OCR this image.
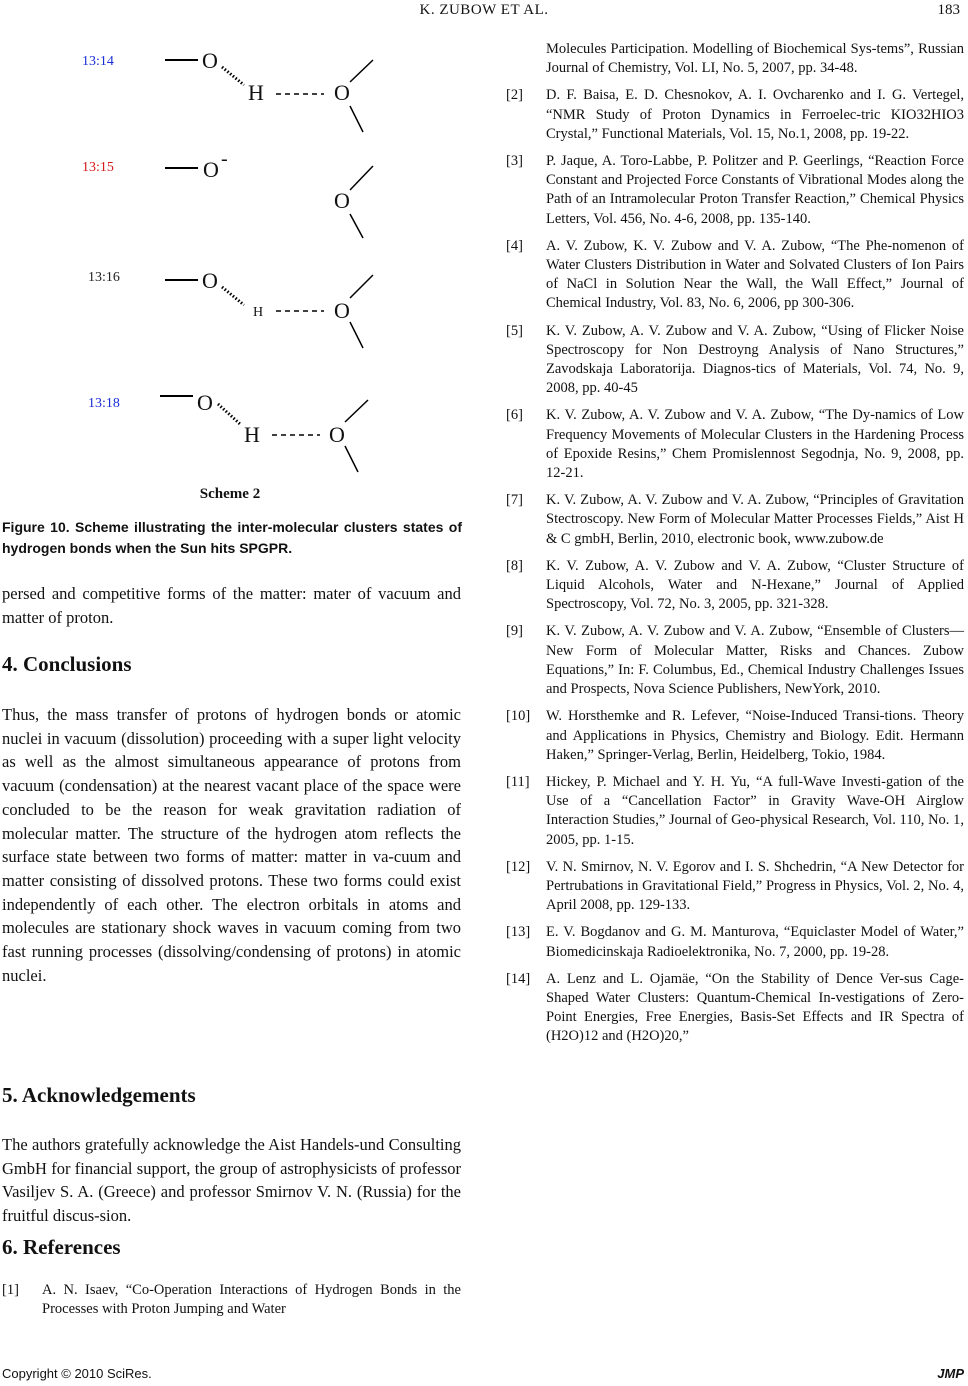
K. ZUBOW ET AL.	183
13:14	O
H	O
13:15	O -
O
13:16	O
H	O
13:18	O
H	O
Scheme 2
Figure 10. Scheme illustrating the inter-molecular clusters states of hydrogen bonds when the Sun hits SPGPR.
persed and competitive forms of the matter: mater of vacuum and matter of proton.
4. Conclusions
Thus, the mass transfer of protons of hydrogen bonds or atomic nuclei in vacuum (dissolution) proceeding with a super light velocity as well as the almost simultaneous appearance of protons from vacuum (condensation) at the nearest vacant place of the space were concluded to be the reason for weak gravitation radiation of molecular matter. The structure of the hydrogen atom reflects the surface state between two forms of matter: matter in va-cuum and matter consisting of dissolved protons. These two forms could exist independently of each other. The electron orbitals in atoms and molecules are stationary shock waves in vacuum coming from two fast running processes (dissolving/condensing of protons) in atomic nuclei.
5. Acknowledgements
The authors gratefully acknowledge the Aist Handels-und Consulting GmbH for financial support, the group of astrophysicists of professor Vasiljev S. A. (Greece) and professor Smirnov V. N. (Russia) for the fruitful discus-sion.
6. References
[1] A. N. Isaev, “Co-Operation Interactions of Hydrogen Bonds in the Processes with Proton Jumping and Water
Molecules Participation. Modelling of Biochemical Sys-tems”, Russian Journal of Chemistry, Vol. LI, No. 5, 2007, pp. 34-48.
[2] D. F. Baisa, E. D. Chesnokov, A. I. Ovcharenko and I. G. Vertegel, “NMR Study of Proton Dynamics in Ferroelec-tric KIO32HIO3 Crystal,” Functional Materials, Vol. 15, No.1, 2008, pp. 19-22.
[3] P. Jaque, A. Toro-Labbe, P. Politzer and P. Geerlings, “Reaction Force Constant and Projected Force Constants of Vibrational Modes along the Path of an Intramolecular Proton Transfer Reaction,” Chemical Physics Letters, Vol. 456, No. 4-6, 2008, pp. 135-140.
[4] A. V. Zubow, K. V. Zubow and V. A. Zubow, “The Phe-nomenon of Water Clusters Distribution in Water and Solvated Clusters of Ion Pairs of NaCl in Solution Near the Wall, the Wall Effect,” Journal of Chemical Industry, Vol. 83, No. 6, 2006, pp 300-306.
[5] K. V. Zubow, A. V. Zubow and V. A. Zubow, “Using of Flicker Noise Spectroscopy for Non Destroyng Analysis of Nano Structures,” Zavodskaja Laboratorija. Diagnos-tics of Materials, Vol. 74, No. 9, 2008, pp. 40-45
[6] K. V. Zubow, A. V. Zubow and V. A. Zubow, “The Dy-namics of Low Frequency Movements of Molecular Clusters in the Hardening Process of Epoxide Resins,” Chem Promislennost Segodnja, No. 9, 2008, pp. 12-21.
[7] K. V. Zubow, A. V. Zubow and V. A. Zubow, “Principles of Gravitation Stectroscopy. New Form of Molecular Matter Processes Fields,” Aist H & C gmbH, Berlin, 2010, electronic book, www.zubow.de
[8] K. V. Zubow, A. V. Zubow and V. A. Zubow, “Cluster Structure of Liquid Alcohols, Water and N-Hexane,” Journal of Applied Spectroscopy, Vol. 72, No. 3, 2005, pp. 321-328.
[9] K. V. Zubow, A. V. Zubow and V. A. Zubow, “Ensemble of Clusters—New Form of Molecular Matter, Risks and Chances. Zubow Equations,” In: F. Columbus, Ed., Chemical Industry Challenges Issues and Prospects, Nova Science Publishers, NewYork, 2010.
[10] W. Horsthemke and R. Lefever, “Noise-Induced Transi-tions. Theory and Applications in Physics, Chemistry and Biology. Edit. Hermann Haken,” Springer-Verlag, Berlin, Heidelberg, Tokio, 1984.
[11] Hickey, P. Michael and Y. H. Yu, “A full-Wave Investi-gation of the Use of a “Cancellation Factor” in Gravity Wave-OH Airglow Interaction Studies,” Journal of Geo-physical Research, Vol. 110, No. 1, 2005, pp. 1-15.
[12] V. N. Smirnov, N. V. Egorov and I. S. Shchedrin, “A New Detector for Pertrubations in Gravitational Field,” Progress in Physics, Vol. 2, No. 4, April 2008, pp. 129-133.
[13] E. V. Bogdanov and G. M. Manturova, “Equiclaster Model of Water,” Biomedicinskaja Radioelektronika, No. 7, 2000, pp. 19-28.
[14] A. Lenz and L. Ojamäe, “On the Stability of Dence Ver-sus Cage-Shaped Water Clusters: Quantum-Chemical In-vestigations of Zero-Point Energies, Free Energies, Basis-Set Effects and IR Spectra of (H2O)12 and (H2O)20,”
Copyright © 2010 SciRes.	JMP
